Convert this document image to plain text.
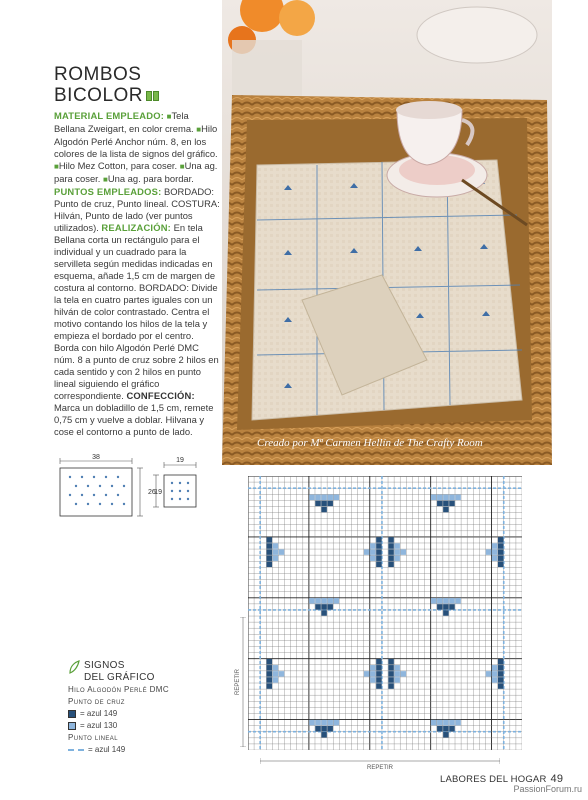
ROMBOS
BICOLOR
MATERIAL EMPLEADO: ■Tela Bellana Zweigart, en color crema. ■Hilo Algodón Perlé Anchor núm. 8, en los colores de la lista de signos del gráfico. ■Hilo Mez Cotton, para coser. ■Una ag. para coser. ■Una ag. para bordar. PUNTOS EMPLEADOS: BORDADO: Punto de cruz, Punto lineal. COSTURA: Hilván, Punto de lado (ver puntos utilizados). REALIZACIÓN: En tela Bellana corta un rectángulo para el individual y un cuadrado para la servilleta según medidas indicadas en esquema, añade 1,5 cm de margen de costura al contorno. BORDADO: Divide la tela en cuatro partes iguales con un hilván de color contrastado. Centra el motivo contando los hilos de la tela y empieza el bordado por el centro. Borda con hilo Algodón Perlé DMC núm. 8 a punto de cruz sobre 2 hilos en cada sentido y con 2 hilos en punto lineal siguiendo el gráfico correspondiente. CONFECCIÓN: Marca un dobladillo de 1,5 cm, remete 0,75 cm y vuelve a doblar. Hilvana y cose el contorno a punto de lado.
Creado por Mª Carmen Hellín de The Crafty Room
38
26
19
19
SIGNOS
DEL GRÁFICO
Hilo Algodón Perlé DMC
Punto de cruz
= azul 149
= azul 130
Punto lineal
= azul 149
REPETIR
REPETIR
LABORES DEL HOGAR 49
PassionForum.ru
